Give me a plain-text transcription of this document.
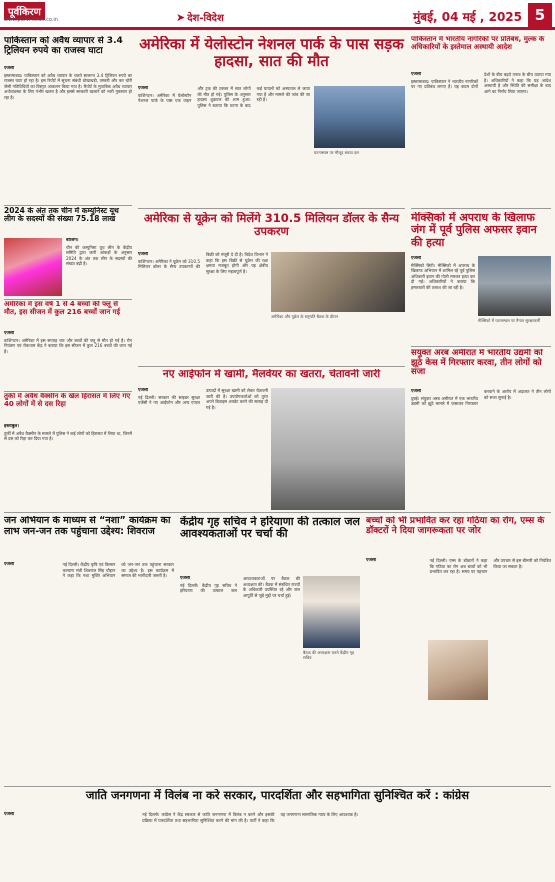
पूर्वकिरण
www.purvi-kiran.co.in	➤ देश-विदेश	मुंबई, 04 मई , 2025 5
पाकिस्तान को अवैध व्यापार से 3.4 ट्रिलियन रुपये का राजस्व घाटा
एजेंसी
इस्लामाबाद। पाकिस्तान को अवैध व्यापार के चलते सालाना 3.4 ट्रिलियन रुपये का राजस्व घाटा हो रहा है। इस रिपोर्ट में सूचना संबंधी धोखाधड़ी, तस्करी और कर चोरी जैसी गतिविधियों का विस्तृत आकलन किया गया है। रिपोर्ट के मुताबिक अवैध व्यापार अर्थव्यवस्था के लिए गंभीर खतरा है और इससे सरकारी खजाने को भारी नुकसान हो रहा है।
2024 के अंत तक चीन में कम्युनिस्ट यूथ लीग के सदस्यों की संख्या 75.18 लाख
बीजिंग।
चीन की कम्युनिस्ट यूथ लीग के केंद्रीय समिति द्वारा जारी आंकड़ों के अनुसार 2024 के अंत तक लीग के सदस्यों की संख्या बढ़ी है।
अमेरिका में इस वर्ष 1 से 4 बच्चों की फ्लू से मौत, इस सीजन में कुल 216 बच्चों जान गई
एजेंसी
वाशिंगटन। अमेरिका में इस सप्ताह चार और बच्चों की फ्लू से मौत हो गई है। रोग नियंत्रण एवं रोकथाम केंद्र ने बताया कि इस सीजन में कुल 216 बच्चों की जान गई है।
तुर्की में अवैध वैक्सीन के खेल हिरासत में लिए गए 40 लोगों में से दस रिहा
इस्तांबुल।
तुर्की में अवैध वैक्सीन के मामले में पुलिस ने कई लोगों को हिरासत में लिया था, जिनमें से दस को रिहा कर दिया गया है।
अमेरिका में येलोस्टोन नेशनल पार्क के पास सड़क हादसा, सात की मौत
एजेंसी
वाशिंगटन। अमेरिका में येलोस्टोन नेशनल पार्क के पास एक वाहन और ट्रक की टक्कर में सात लोगों की मौत हो गई। पुलिस के अनुसार हादसा शुक्रवार की शाम हुआ। पुलिस ने बताया कि घटना के बाद कई घायलों को अस्पताल ले जाया गया है और मामले की जांच की जा रही है।
घटनास्थल पर मौजूद बचाव दल
अमेरिका से यूक्रेन को मिलेंगे 310.5 मिलियन डॉलर के सैन्य उपकरण
एजेंसी
वाशिंगटन। अमेरिका ने यूक्रेन को 310.5 मिलियन डॉलर के सैन्य उपकरणों की बिक्री को मंजूरी दे दी है। विदेश विभाग ने कहा कि इस बिक्री से यूक्रेन की रक्षा क्षमता मजबूत होगी और यह क्षेत्रीय सुरक्षा के लिए महत्वपूर्ण है।
अमेरिका और यूक्रेन के राष्ट्रपति बैठक के दौरान
नए आईफोन में खामी, मैलवेयर का खतरा, चेतावनी जारी
एजेंसी
नई दिल्ली। सरकार की साइबर सुरक्षा एजेंसी ने नए आईफोन और अन्य एप्पल उत्पादों में सुरक्षा खामी को लेकर चेतावनी जारी की है। उपयोगकर्ताओं को तुरंत अपने डिवाइस अपडेट करने की सलाह दी गई है।
पाकिस्तान में भारतीय नागरिकों पर प्रतिबंध, मुल्क के अधिकारियों के इस्तेमाल अस्थायी आदेश
एजेंसी
इस्लामाबाद। पाकिस्तान ने भारतीय नागरिकों पर नए प्रतिबंध लगाए हैं। यह कदम दोनों देशों के बीच बढ़ते तनाव के बीच उठाया गया है। अधिकारियों ने कहा कि यह आदेश अस्थायी है और स्थिति की समीक्षा के बाद आगे का निर्णय लिया जाएगा।
मेक्सिको में अपराध के खिलाफ जंग में पूर्व पुलिस अफसर इवान की हत्या
एजेंसी
मेक्सिको सिटी। मेक्सिको में अपराध के खिलाफ अभियान में शामिल रहे पूर्व पुलिस अधिकारी इवान की गोली मारकर हत्या कर दी गई। अधिकारियों ने बताया कि हमलावरों की तलाश की जा रही है।
मेक्सिको में घटनास्थल पर तैनात सुरक्षाकर्मी
संयुक्त अरब अमीरात में भारतीय उद्यमी को झूठे केस में गिरफ्तार करवा, तीन लोगों को सजा
एजेंसी
दुबई। संयुक्त अरब अमीरात में एक भारतीय उद्यमी को झूठे मामले में फंसाकर गिरफ्तार करवाने के आरोप में अदालत ने तीन लोगों को सजा सुनाई है।
जन अभियान के माध्यम से “नशा” कार्यक्रम का लाभ जन-जन तक पहुंचाना उद्देश्य: शिवराज
एजेंसी	नई दिल्ली। केंद्रीय कृषि एवं किसान कल्याण मंत्री शिवराज सिंह चौहान ने कहा कि नशा मुक्ति अभियान को जन-जन तक पहुंचाना सरकार का उद्देश्य है। इस कार्यक्रम में समाज की भागीदारी जरूरी है।
केंद्रीय गृह सचिव ने हरियाणा की तत्काल जल आवश्यकताओं पर चर्चा की
एजेंसी
नई दिल्ली। केंद्रीय गृह सचिव ने हरियाणा की तत्काल जल आवश्यकताओं पर बैठक की अध्यक्षता की। बैठक में संबंधित राज्यों के अधिकारी उपस्थित रहे और जल आपूर्ति से जुड़े मुद्दों पर चर्चा हुई।
बैठक की अध्यक्षता करते केंद्रीय गृह सचिव
बच्चों को भी प्रभावित कर रहा गठिया का रोग, एम्स के डॉक्टरों ने दिया जागरूकता पर जोर
एजेंसी	नई दिल्ली। एम्स के डॉक्टरों ने कहा कि गठिया का रोग अब बच्चों को भी प्रभावित कर रहा है। समय पर पहचान और उपचार से इस बीमारी को नियंत्रित किया जा सकता है।
जाति जनगणना में विलंब ना करे सरकार, पारदर्शिता और सहभागिता सुनिश्चित करें : कांग्रेस
एजेंसी	नई दिल्ली। कांग्रेस ने केंद्र सरकार से जाति जनगणना में विलंब न करने और इसकी प्रक्रिया में पारदर्शिता तथा सहभागिता सुनिश्चित करने की मांग की है। पार्टी ने कहा कि यह जनगणना सामाजिक न्याय के लिए आवश्यक है।
